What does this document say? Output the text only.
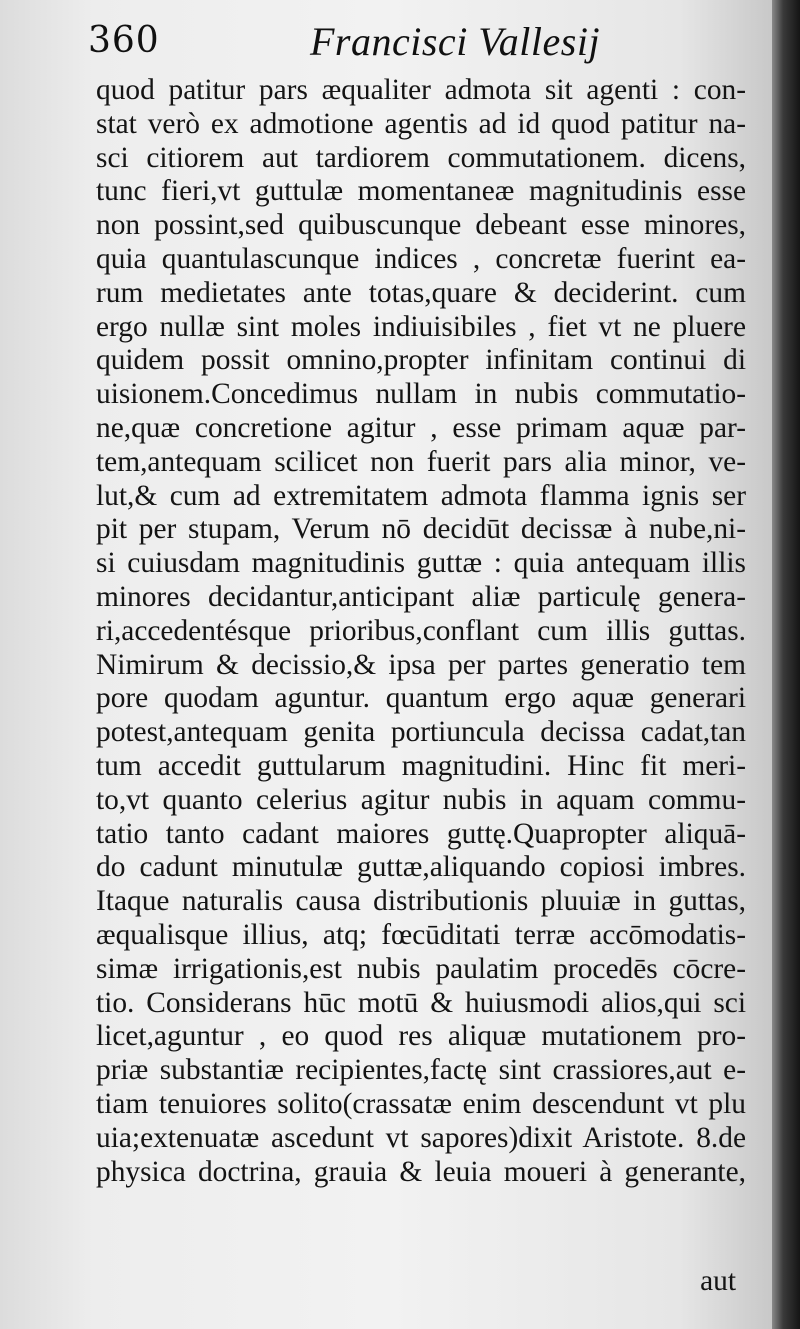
360	Francisci Vallesij
quod patitur pars æqualiter admota sit agenti : con-
stat verò ex admotione agentis ad id quod patitur na-
sci citiorem aut tardiorem commutationem. dicens,
tunc fieri,vt guttulæ momentaneæ magnitudinis esse
non possint,sed quibuscunque debeant esse minores,
quia quantulascunque indices , concretæ fuerint ea-
rum medietates ante totas,quare & deciderint. cum
ergo nullæ sint moles indiuisibiles , fiet vt ne pluere
quidem possit omnino,propter infinitam continui di
uisionem.Concedimus nullam in nubis commutatio-
ne,quæ concretione agitur , esse primam aquæ par-
tem,antequam scilicet non fuerit pars alia minor, ve-
lut,& cum ad extremitatem admota flamma ignis ser
pit per stupam, Verum nō decidūt decissæ à nube,ni-
si cuiusdam magnitudinis guttæ : quia antequam illis
minores decidantur,anticipant aliæ particulę genera-
ri,accedentésque prioribus,conflant cum illis guttas.
Nimirum & decissio,& ipsa per partes generatio tem
pore quodam aguntur. quantum ergo aquæ generari
potest,antequam genita portiuncula decissa cadat,tan
tum accedit guttularum magnitudini. Hinc fit meri-
to,vt quanto celerius agitur nubis in aquam commu-
tatio tanto cadant maiores guttę.Quapropter aliquā-
do cadunt minutulæ guttæ,aliquando copiosi imbres.
Itaque naturalis causa distributionis pluuiæ in guttas,
æqualisque illius, atq; fœcūditati terræ accōmodatis-
simæ irrigationis,est nubis paulatim procedēs cōcre-
tio. Considerans hūc motū & huiusmodi alios,qui sci
licet,aguntur , eo quod res aliquæ mutationem pro-
priæ substantiæ recipientes,factę sint crassiores,aut e-
tiam tenuiores solito(crassatæ enim descendunt vt plu
uia;extenuatæ ascedunt vt sapores)dixit Aristote. 8.de
physica doctrina, grauia & leuia moueri à generante,
aut
